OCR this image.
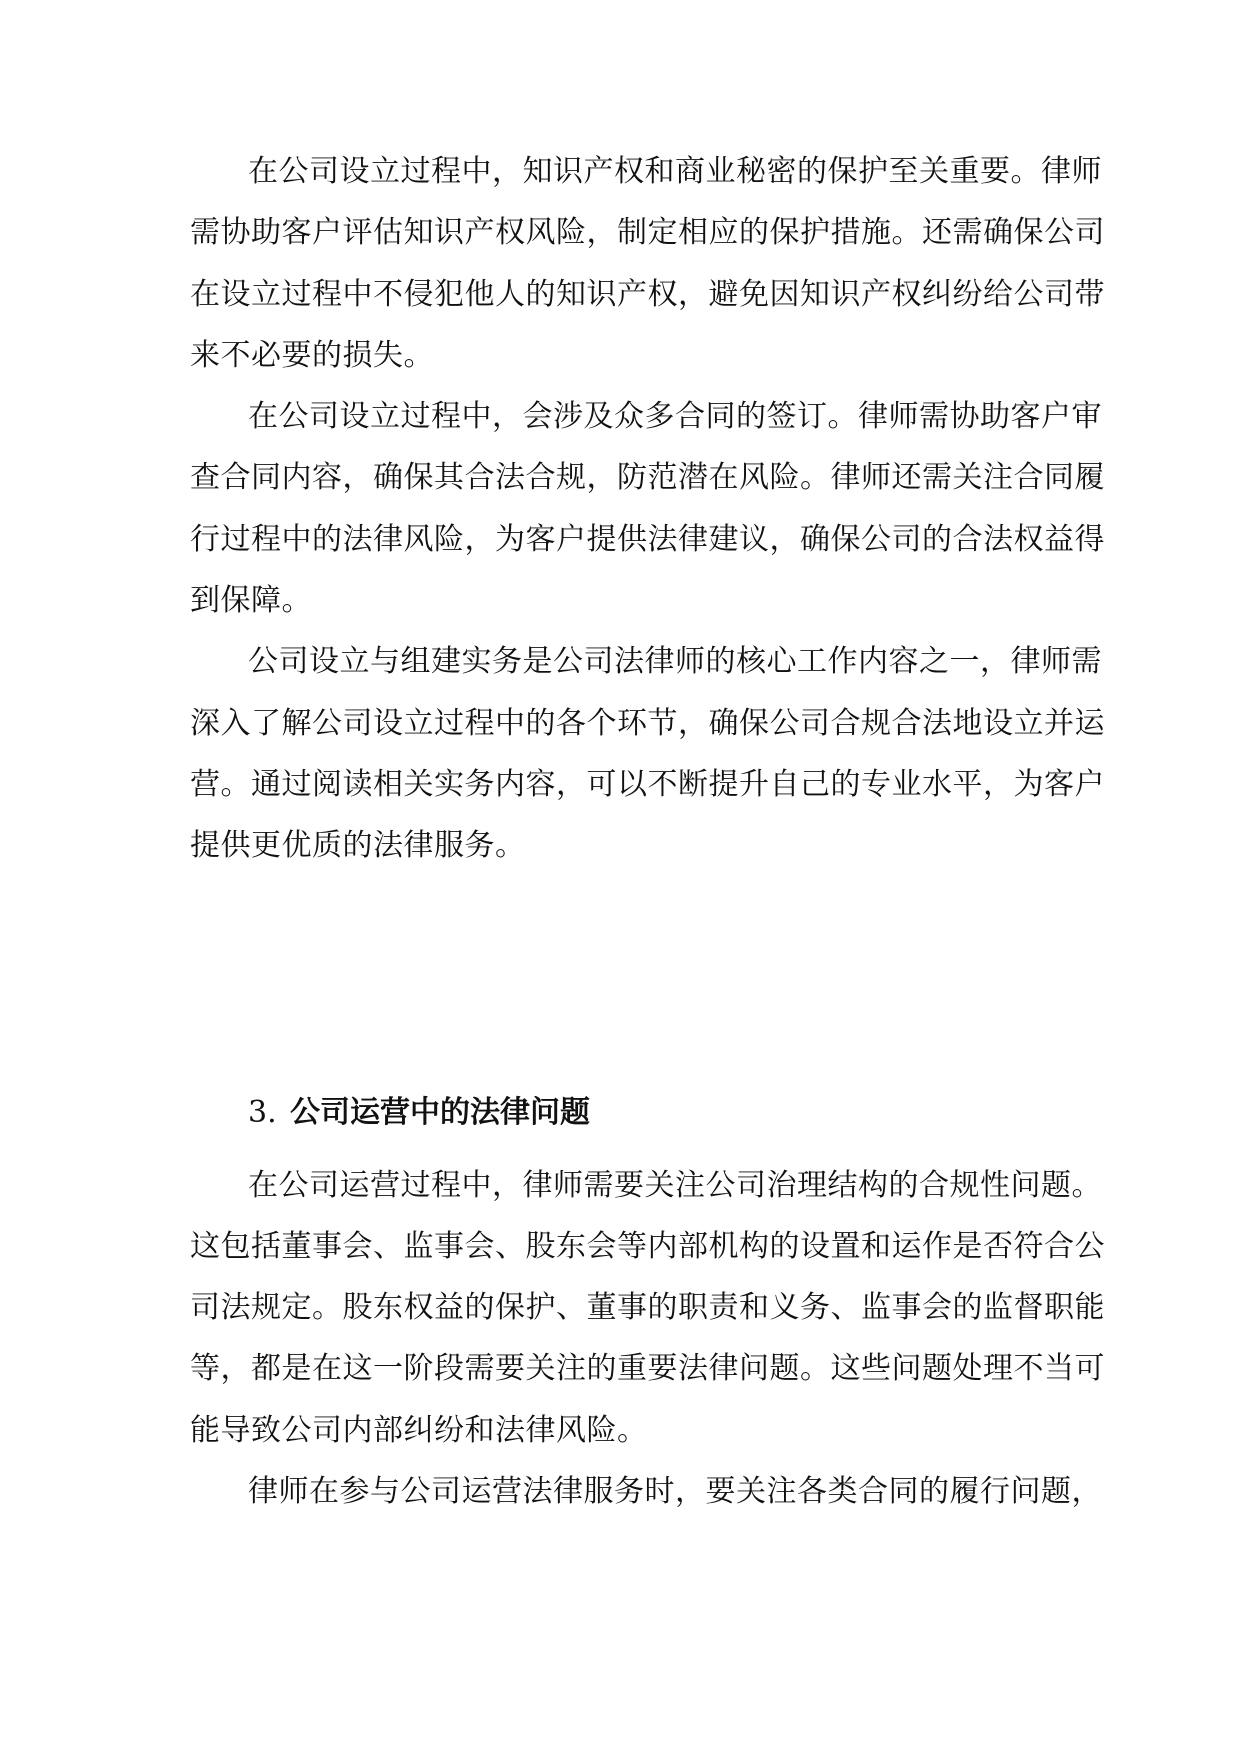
在公司设立过程中，知识产权和商业秘密的保护至关重要。律师
需协助客户评估知识产权风险，制定相应的保护措施。还需确保公司
在设立过程中不侵犯他人的知识产权，避免因知识产权纠纷给公司带
来不必要的损失。
在公司设立过程中，会涉及众多合同的签订。律师需协助客户审
查合同内容，确保其合法合规，防范潜在风险。律师还需关注合同履
行过程中的法律风险，为客户提供法律建议，确保公司的合法权益得
到保障。
公司设立与组建实务是公司法律师的核心工作内容之一，律师需
深入了解公司设立过程中的各个环节，确保公司合规合法地设立并运
营。通过阅读相关实务内容，可以不断提升自己的专业水平，为客户
提供更优质的法律服务。
3. 公司运营中的法律问题
在公司运营过程中，律师需要关注公司治理结构的合规性问题。
这包括董事会、监事会、股东会等内部机构的设置和运作是否符合公
司法规定。股东权益的保护、董事的职责和义务、监事会的监督职能
等，都是在这一阶段需要关注的重要法律问题。这些问题处理不当可
能导致公司内部纠纷和法律风险。
律师在参与公司运营法律服务时，要关注各类合同的履行问题，
